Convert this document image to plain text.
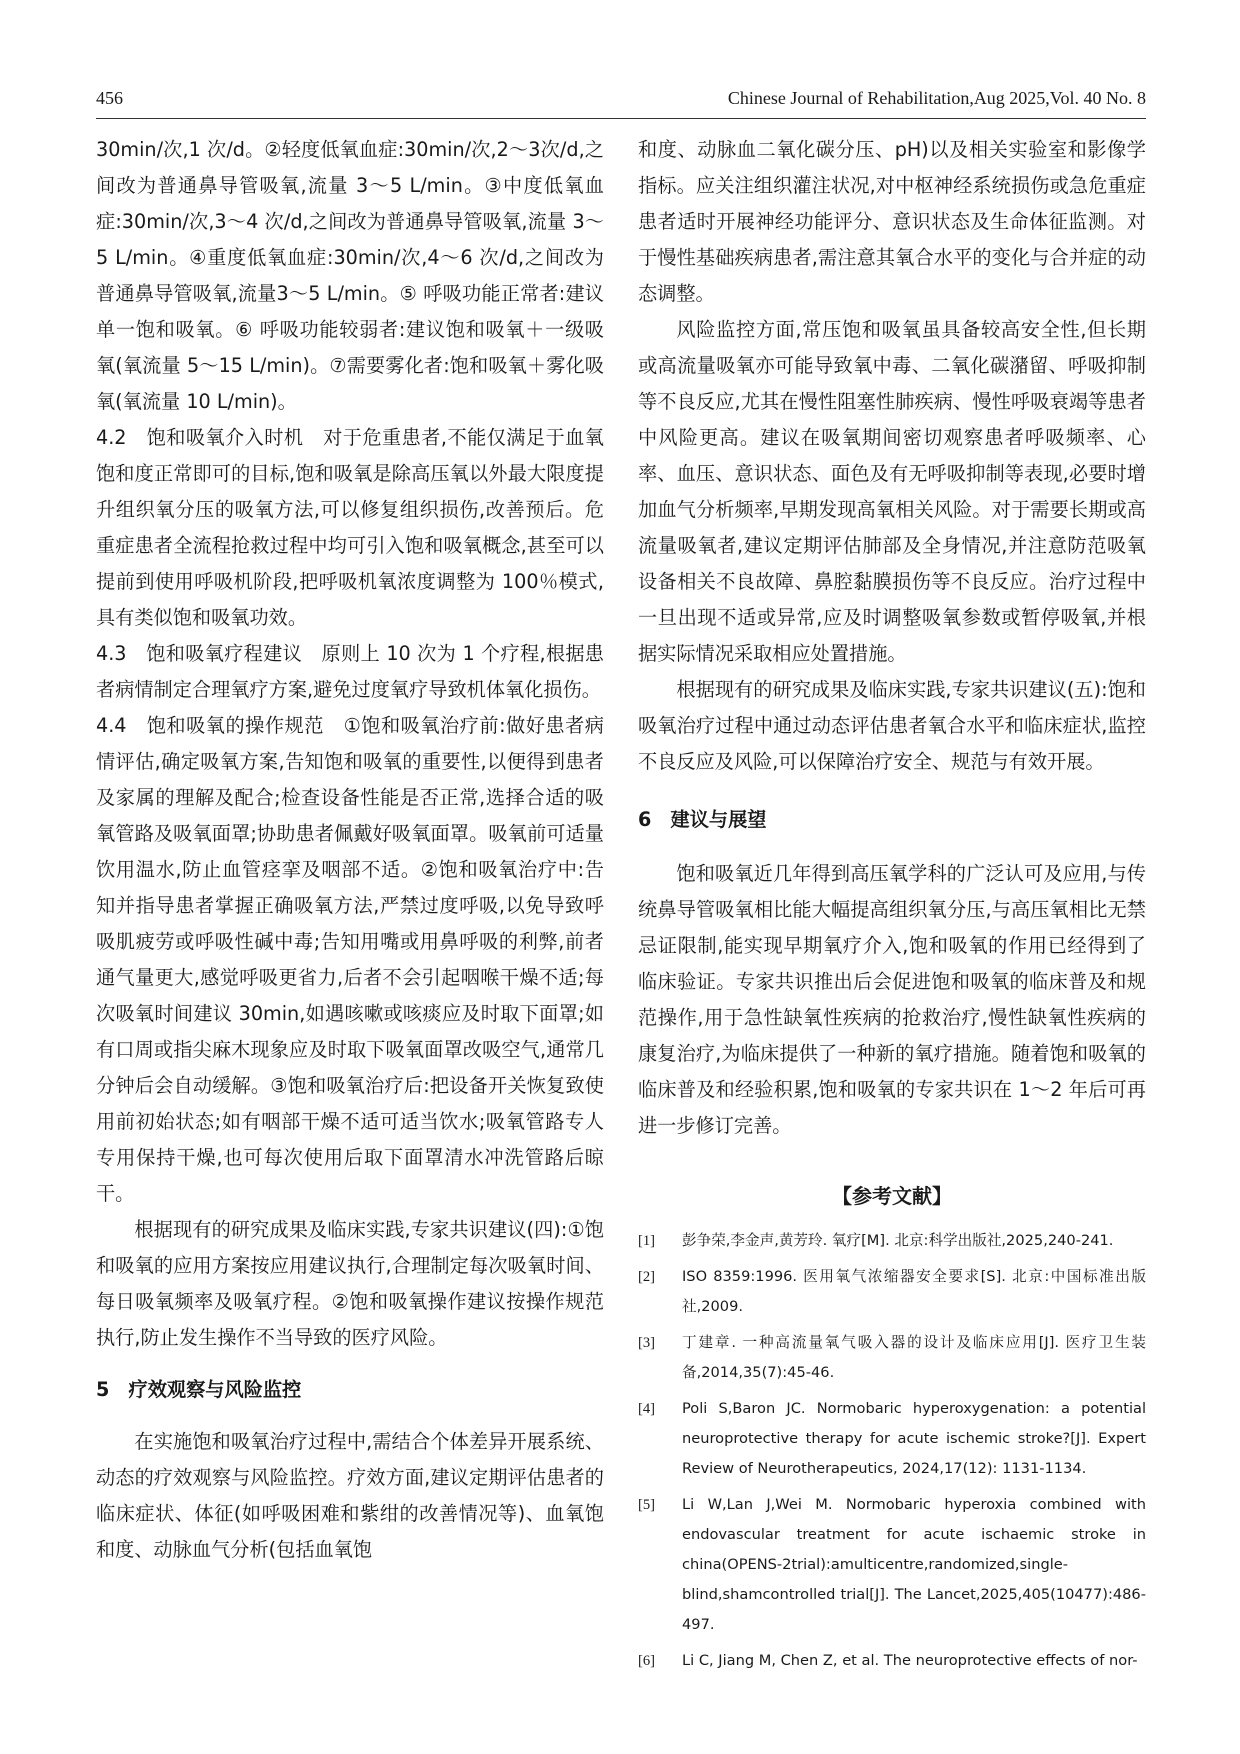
456	Chinese Journal of Rehabilitation,Aug 2025,Vol. 40 No. 8

30min/次,1 次/d。②轻度低氧血症:30min/次,2～3次/d,之间改为普通鼻导管吸氧,流量 3～5 L/min。③中度低氧血症:30min/次,3～4 次/d,之间改为普通鼻导管吸氧,流量 3～5 L/min。④重度低氧血症:30min/次,4～6 次/d,之间改为普通鼻导管吸氧,流量3～5 L/min。⑤ 呼吸功能正常者:建议单一饱和吸氧。⑥ 呼吸功能较弱者:建议饱和吸氧＋一级吸氧(氧流量 5～15 L/min)。⑦需要雾化者:饱和吸氧＋雾化吸氧(氧流量 10 L/min)。

4.2　饱和吸氧介入时机　对于危重患者,不能仅满足于血氧饱和度正常即可的目标,饱和吸氧是除高压氧以外最大限度提升组织氧分压的吸氧方法,可以修复组织损伤,改善预后。危重症患者全流程抢救过程中均可引入饱和吸氧概念,甚至可以提前到使用呼吸机阶段,把呼吸机氧浓度调整为 100％模式,具有类似饱和吸氧功效。

4.3　饱和吸氧疗程建议　原则上 10 次为 1 个疗程,根据患者病情制定合理氧疗方案,避免过度氧疗导致机体氧化损伤。

4.4　饱和吸氧的操作规范　①饱和吸氧治疗前:做好患者病情评估,确定吸氧方案,告知饱和吸氧的重要性,以便得到患者及家属的理解及配合;检查设备性能是否正常,选择合适的吸氧管路及吸氧面罩;协助患者佩戴好吸氧面罩。吸氧前可适量饮用温水,防止血管痉挛及咽部不适。②饱和吸氧治疗中:告知并指导患者掌握正确吸氧方法,严禁过度呼吸,以免导致呼吸肌疲劳或呼吸性碱中毒;告知用嘴或用鼻呼吸的利弊,前者通气量更大,感觉呼吸更省力,后者不会引起咽喉干燥不适;每次吸氧时间建议 30min,如遇咳嗽或咳痰应及时取下面罩;如有口周或指尖麻木现象应及时取下吸氧面罩改吸空气,通常几分钟后会自动缓解。③饱和吸氧治疗后:把设备开关恢复致使用前初始状态;如有咽部干燥不适可适当饮水;吸氧管路专人专用保持干燥,也可每次使用后取下面罩清水冲洗管路后晾干。

根据现有的研究成果及临床实践,专家共识建议(四):①饱和吸氧的应用方案按应用建议执行,合理制定每次吸氧时间、每日吸氧频率及吸氧疗程。②饱和吸氧操作建议按操作规范执行,防止发生操作不当导致的医疗风险。

5　疗效观察与风险监控

在实施饱和吸氧治疗过程中,需结合个体差异开展系统、动态的疗效观察与风险监控。疗效方面,建议定期评估患者的临床症状、体征(如呼吸困难和紫绀的改善情况等)、血氧饱和度、动脉血气分析(包括血氧饱

和度、动脉血二氧化碳分压、pH)以及相关实验室和影像学指标。应关注组织灌注状况,对中枢神经系统损伤或急危重症患者适时开展神经功能评分、意识状态及生命体征监测。对于慢性基础疾病患者,需注意其氧合水平的变化与合并症的动态调整。

风险监控方面,常压饱和吸氧虽具备较高安全性,但长期或高流量吸氧亦可能导致氧中毒、二氧化碳潴留、呼吸抑制等不良反应,尤其在慢性阻塞性肺疾病、慢性呼吸衰竭等患者中风险更高。建议在吸氧期间密切观察患者呼吸频率、心率、血压、意识状态、面色及有无呼吸抑制等表现,必要时增加血气分析频率,早期发现高氧相关风险。对于需要长期或高流量吸氧者,建议定期评估肺部及全身情况,并注意防范吸氧设备相关不良故障、鼻腔黏膜损伤等不良反应。治疗过程中一旦出现不适或异常,应及时调整吸氧参数或暂停吸氧,并根据实际情况采取相应处置措施。

根据现有的研究成果及临床实践,专家共识建议(五):饱和吸氧治疗过程中通过动态评估患者氧合水平和临床症状,监控不良反应及风险,可以保障治疗安全、规范与有效开展。

6　建议与展望

饱和吸氧近几年得到高压氧学科的广泛认可及应用,与传统鼻导管吸氧相比能大幅提高组织氧分压,与高压氧相比无禁忌证限制,能实现早期氧疗介入,饱和吸氧的作用已经得到了临床验证。专家共识推出后会促进饱和吸氧的临床普及和规范操作,用于急性缺氧性疾病的抢救治疗,慢性缺氧性疾病的康复治疗,为临床提供了一种新的氧疗措施。随着饱和吸氧的临床普及和经验积累,饱和吸氧的专家共识在 1～2 年后可再进一步修订完善。

【参考文献】
[1]	彭争荣,李金声,黄芳玲. 氧疗[M]. 北京:科学出版社,2025,240-241.
[2]	ISO 8359:1996. 医用氧气浓缩器安全要求[S]. 北京:中国标准出版社,2009.
[3]	丁建章. 一种高流量氧气吸入器的设计及临床应用[J]. 医疗卫生装备,2014,35(7):45-46.
[4]	Poli S,Baron JC. Normobaric hyperoxygenation: a potential neuroprotective therapy for acute ischemic stroke?[J]. Expert Review of Neurotherapeutics, 2024,17(12): 1131-1134.
[5]	Li W,Lan J,Wei M. Normobaric hyperoxia combined with endovascular treatment for acute ischaemic stroke in china(OPENS-2trial):amulticentre,randomized,single-blind,shamcontrolled trial[J]. The Lancet,2025,405(10477):486-497.
[6]	Li C, Jiang M, Chen Z, et al. The neuroprotective effects of nor-
